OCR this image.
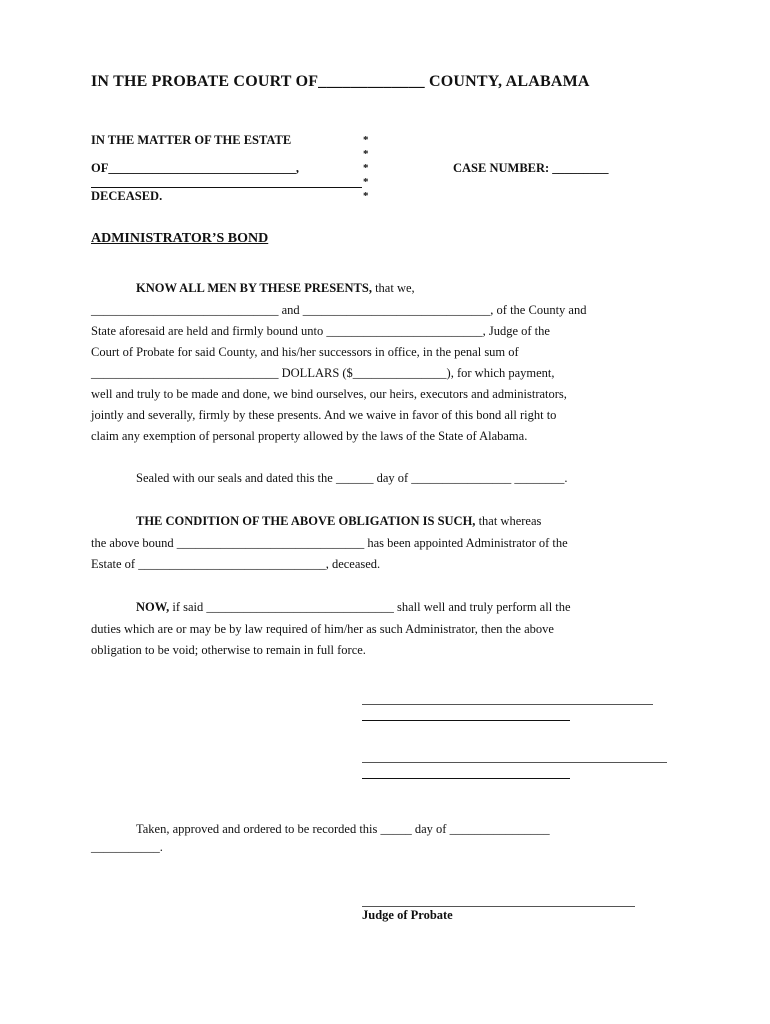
IN THE PROBATE COURT OF_____________ COUNTY, ALABAMA
IN THE MATTER OF THE ESTATE
OF______________________________,
DECEASED.
CASE NUMBER: _________
*
*
*
*
*
ADMINISTRATOR’S BOND
KNOW ALL MEN BY THESE PRESENTS, that we,
______________________________ and ______________________________, of the County and
State aforesaid are held and firmly bound unto _________________________, Judge of the
Court of Probate for said County, and his/her successors in office, in the penal sum of
______________________________ DOLLARS ($_______________), for which payment,
well and truly to be made and done, we bind ourselves, our heirs, executors and administrators,
jointly and severally, firmly by these presents. And we waive in favor of this bond all right to
claim any exemption of personal property allowed by the laws of the State of Alabama.
Sealed with our seals and dated this the ______ day of ________________ ________.
THE CONDITION OF THE ABOVE OBLIGATION IS SUCH, that whereas
the above bound ______________________________ has been appointed Administrator of the
Estate of ______________________________, deceased.
NOW, if said ______________________________ shall well and truly perform all the
duties which are or may be by law required of him/her as such Administrator, then the above
obligation to be void; otherwise to remain in full force.
Taken, approved and ordered to be recorded this _____ day of ________________
___________.
Judge of Probate
